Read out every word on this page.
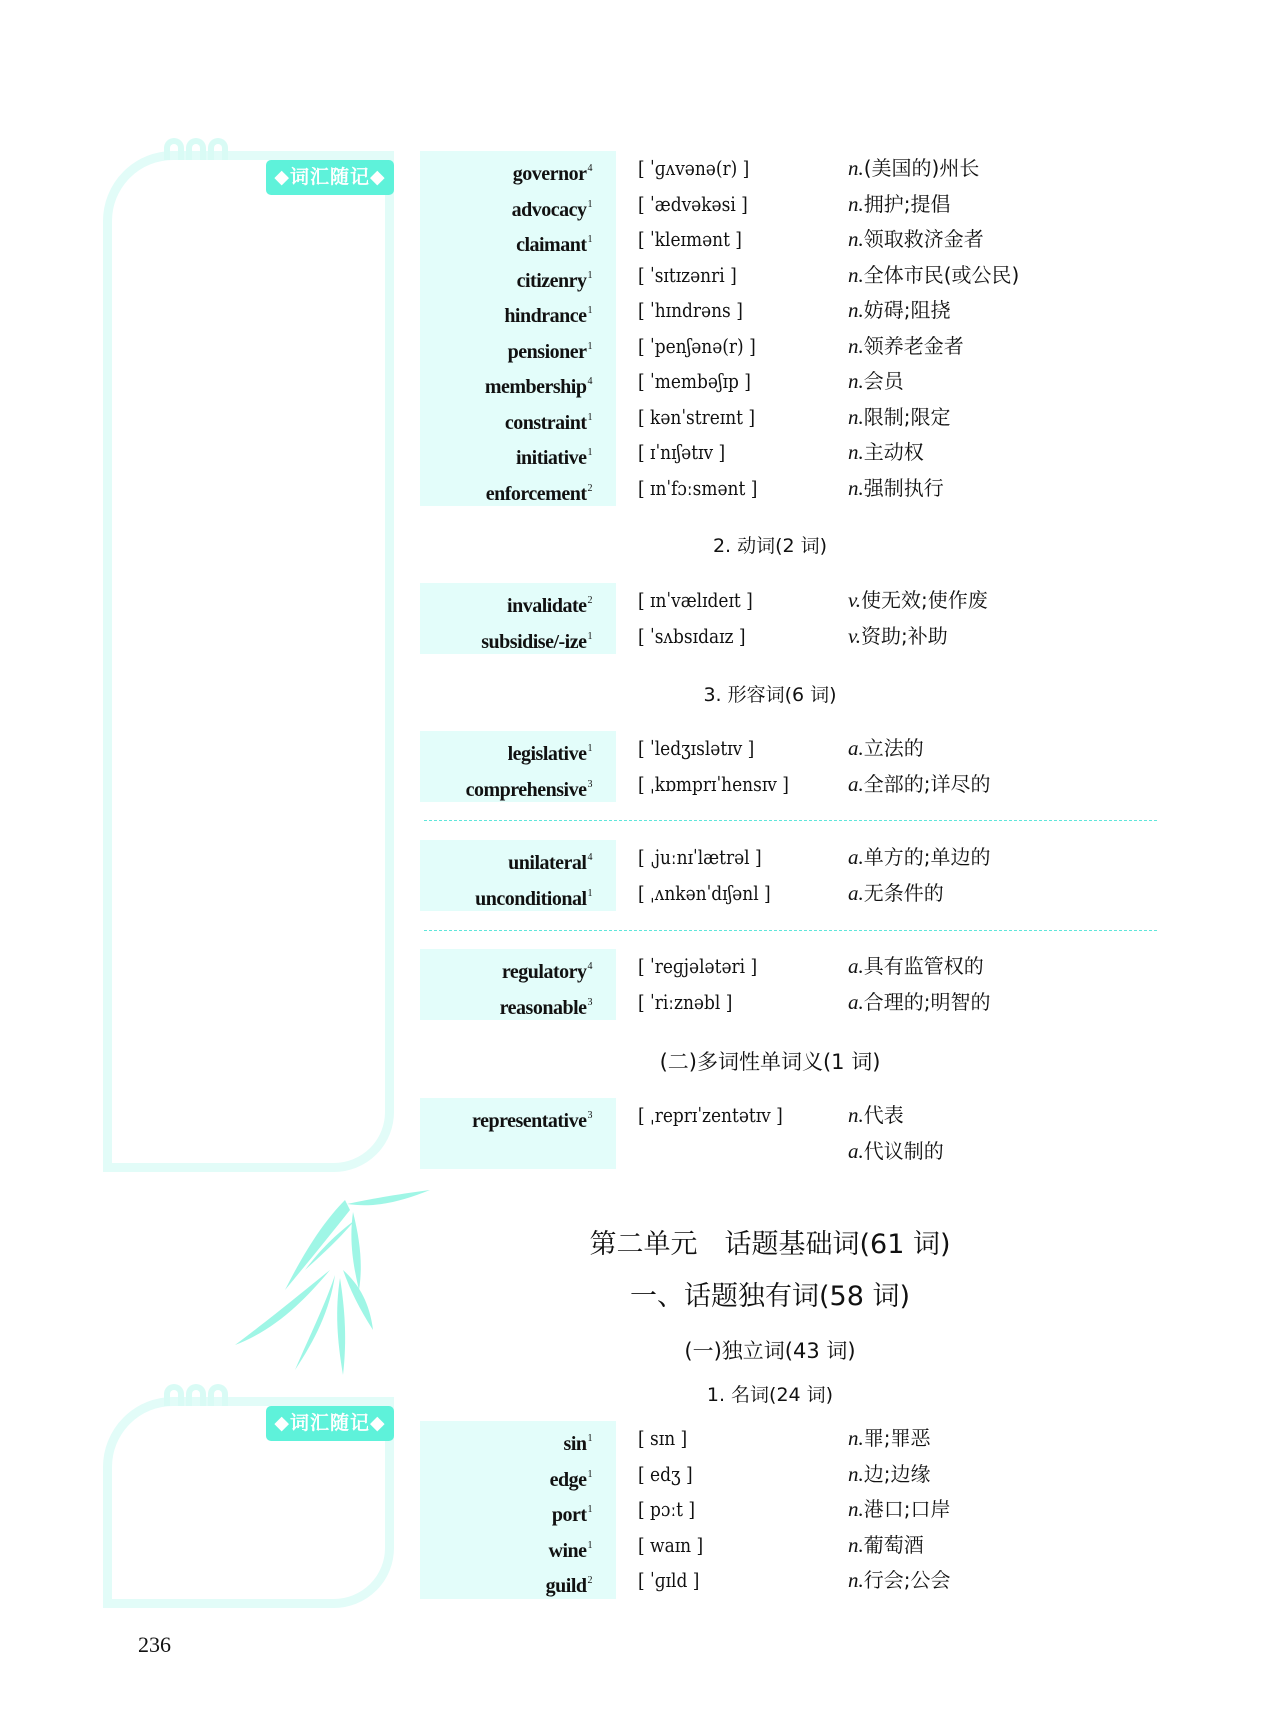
◆词汇随记◆
◆词汇随记◆
governor$^4$ [ ˈɡʌvənə(r) ]	n.(美国的)州长
advocacy$^1$ [ ˈædvəkəsi ]	n.拥护;提倡
claimant$^1$ [ ˈkleɪmənt ]	n.领取救济金者
citizenry$^1$ [ ˈsɪtɪzənri ]	n.全体市民(或公民)
hindrance$^1$ [ ˈhɪndrəns ]	n.妨碍;阻挠
pensioner$^1$ [ ˈpenʃənə(r) ]	n.领养老金者
membership$^4$ [ ˈmembəʃɪp ]	n.会员
constraint$^1$ [ kənˈstreɪnt ]	n.限制;限定
initiative$^1$ [ ɪˈnɪʃətɪv ]	n.主动权
enforcement$^2$ [ ɪnˈfɔːsmənt ]	n.强制执行
2. 动词(2 词)
invalidate$^2$ [ ɪnˈvælɪdeɪt ]	v.使无效;使作废
subsidise/-ize$^1$ [ ˈsʌbsɪdaɪz ]	v.资助;补助
3. 形容词(6 词)
legislative$^1$ [ ˈledʒɪslətɪv ]	a.立法的
comprehensive$^3$ [ ˌkɒmprɪˈhensɪv ]	a.全部的;详尽的
unilateral$^4$ [ ˌjuːnɪˈlætrəl ]	a.单方的;单边的
unconditional$^1$ [ ˌʌnkənˈdɪʃənl ]	a.无条件的
regulatory$^4$ [ ˈreɡjələtəri ]	a.具有监管权的
reasonable$^3$ [ ˈriːznəbl ]	a.合理的;明智的
(二)多词性单词义(1 词)
representative$^3$ [ ˌreprɪˈzentətɪv ]	n.代表
a.代议制的
第二单元　话题基础词(61 词)
一、话题独有词(58 词)
(一)独立词(43 词)
1. 名词(24 词)
$\sin^1$ [ sɪn ]	n.罪;罪恶
edge$^1$ [ edʒ ]	n.边;边缘
port$^1$ [ pɔːt ]	n.港口;口岸
wine$^1$ [ waɪn ]	n.葡萄酒
guild$^2$ [ ˈɡɪld ]	n.行会;公会
236
